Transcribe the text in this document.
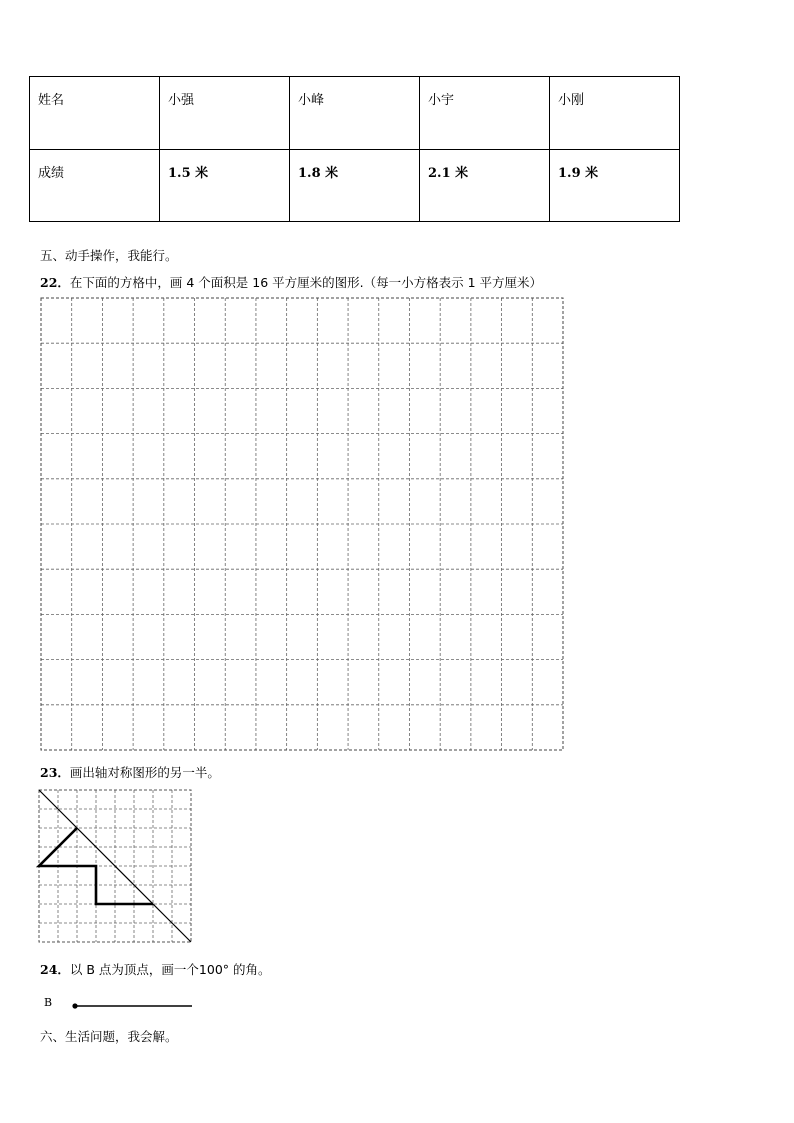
姓名	小强	小峰	小宇	小刚
成绩	1.5 米	1.8 米	2.1 米	1.9 米
五、动手操作，我能行。
22．在下面的方格中，画 4 个面积是 16 平方厘米的图形.（每一小方格表示 1 平方厘米）
23．画出轴对称图形的另一半。
24．以 B 点为顶点，画一个100° 的角。
B
六、生活问题，我会解。
